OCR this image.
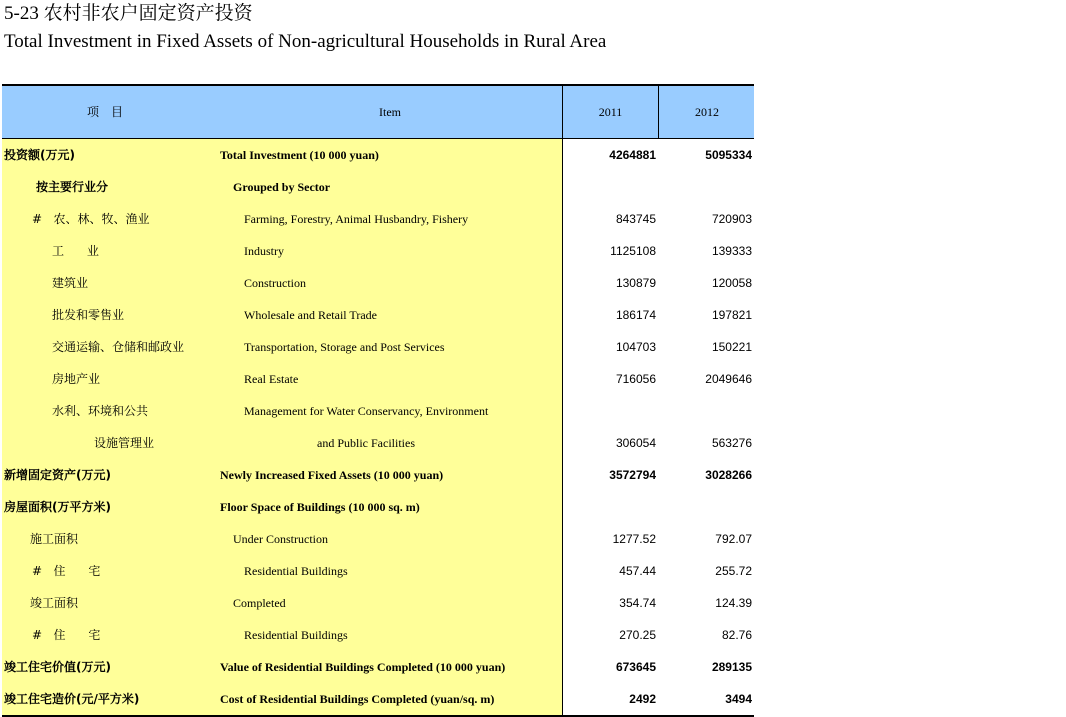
5-23 农村非农户固定资产投资
Total Investment in Fixed Assets of Non-agricultural Households in Rural Area
项目	Item	2011	2012
投资额(万元)	Total Investment (10 000 yuan)	4264881	5095334
按主要行业分	Grouped by Sector
#   农、林、牧、渔业	Farming, Forestry, Animal Husbandry, Fishery	843745	720903
工      业	Industry	1125108	139333
建筑业	Construction	130879	120058
批发和零售业	Wholesale and Retail Trade	186174	197821
交通运输、仓储和邮政业	Transportation, Storage and Post Services	104703	150221
房地产业	Real Estate	716056	2049646
水利、环境和公共	Management for Water Conservancy, Environment
设施管理业	and Public Facilities	306054	563276
新增固定资产(万元)	Newly Increased Fixed Assets (10 000 yuan)	3572794	3028266
房屋面积(万平方米)	Floor Space of Buildings (10 000 sq. m)
施工面积	Under Construction	1277.52	792.07
#   住      宅	Residential Buildings	457.44	255.72
竣工面积	Completed	354.74	124.39
#   住      宅	Residential Buildings	270.25	82.76
竣工住宅价值(万元)	Value of Residential Buildings Completed (10 000 yuan)	673645	289135
竣工住宅造价(元/平方米)	Cost of Residential Buildings Completed (yuan/sq. m)	2492	3494
